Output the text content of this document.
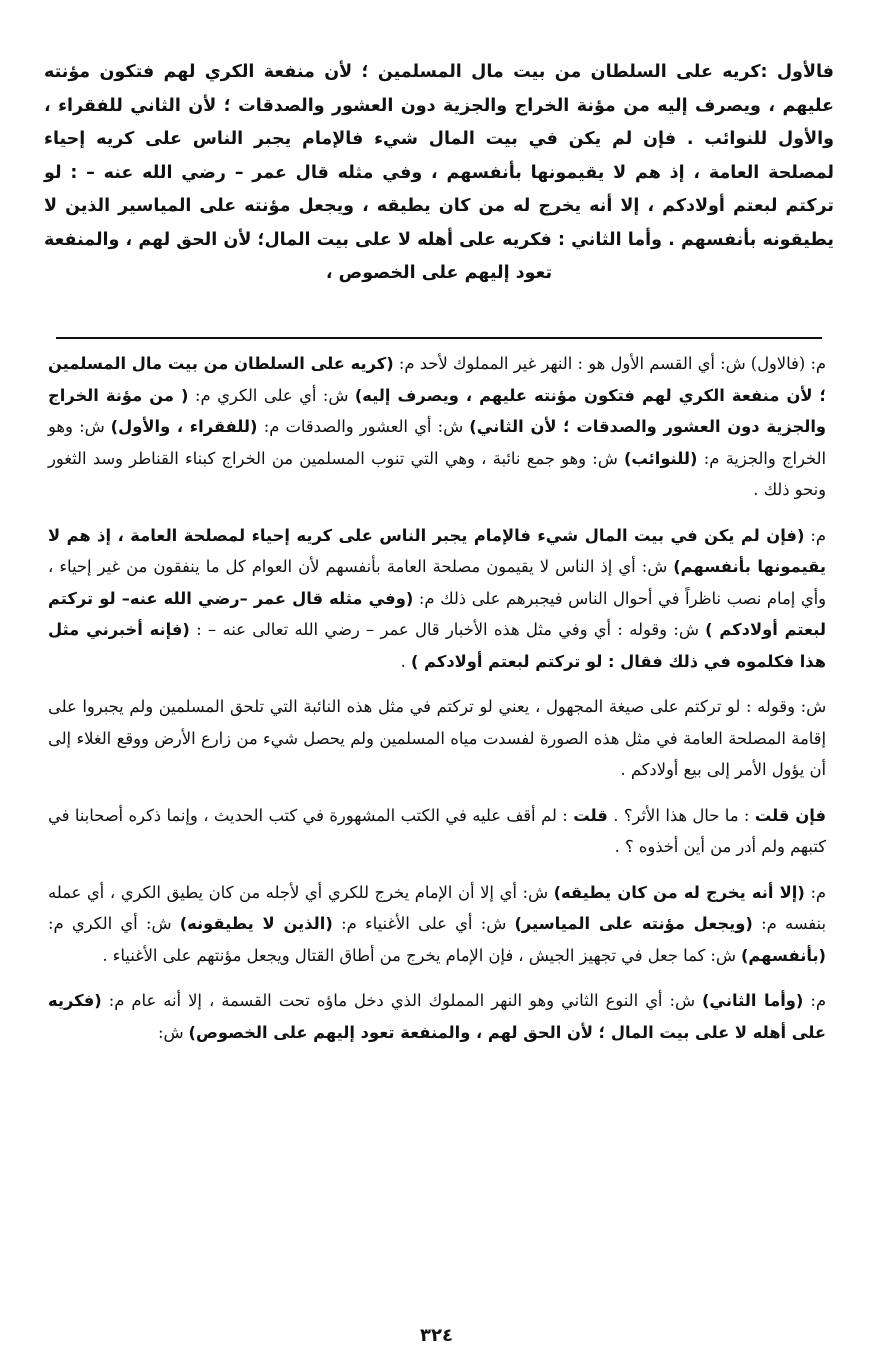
فالأول :كريه على السلطان من بيت مال المسلمين ؛ لأن منفعة الكري لهم فتكون مؤنته عليهم ، ويصرف إليه من مؤنة الخراج والجزية دون العشور والصدقات ؛ لأن الثاني للفقراء ، والأول للنوائب . فإن لم يكن في بيت المال شيء فالإمام يجبر الناس على كريه إحياء لمصلحة العامة ، إذ هم لا يقيمونها بأنفسهم ، وفي مثله قال عمر – رضي الله عنه – : لو تركتم لبعتم أولادكم ، إلا أنه يخرج له من كان يطيقه ، ويجعل مؤنته على المياسير الذين لا يطيقونه بأنفسهم . وأما الثاني : فكريه على أهله لا على بيت المال؛ لأن الحق لهم ، والمنفعة تعود إليهم على الخصوص ،

م: (فالاول) ش: أي القسم الأول هو : النهر غير المملوك لأحد م: (كريه على السلطان من بيت مال المسلمين ؛ لأن منفعة الكري لهم فتكون مؤنته عليهم ، ويصرف إليه) ش: أي على الكري م: ( من مؤنة الخراج والجزية دون العشور والصدقات ؛ لأن الثاني) ش: أي العشور والصدقات م: (للفقراء ، والأول) ش: وهو الخراج والجزية م: (للنوائب) ش: وهو جمع نائبة ، وهي التي تنوب المسلمين من الخراج كبناء القناطر وسد الثغور ونحو ذلك .

م: (فإن لم يكن في بيت المال شيء فالإمام يجبر الناس على كريه إحياء لمصلحة العامة ، إذ هم لا يقيمونها بأنفسهم) ش: أي إذ الناس لا يقيمون مصلحة العامة بأنفسهم لأن العوام كل ما ينفقون من غير إحياء ، وأي إمام نصب ناظراً في أحوال الناس فيجبرهم على ذلك م: (وفي مثله قال عمر –رضي الله عنه– لو تركتم لبعتم أولادكم ) ش: وقوله : أي وفي مثل هذه الأخبار قال عمر – رضي الله تعالى عنه – : (فإنه أخبرني مثل هذا فكلموه في ذلك فقال : لو تركتم لبعتم أولادكم ) .

ش: وقوله : لو تركتم على صيغة المجهول ، يعني لو تركتم في مثل هذه النائبة التي تلحق المسلمين ولم يجبروا على إقامة المصلحة العامة في مثل هذه الصورة لفسدت مياه المسلمين ولم يحصل شيء من زارع الأرض ووقع الغلاء إلى أن يؤول الأمر إلى بيع أولادكم .

فإن قلت : ما حال هذا الأثر؟ . قلت : لم أقف عليه في الكتب المشهورة في كتب الحديث ، وإنما ذكره أصحابنا في كتبهم ولم أدر من أين أخذوه ؟ .

م: (إلا أنه يخرج له من كان يطيقه) ش: أي إلا أن الإمام يخرج للكري أي لأجله من كان يطيق الكري ، أي عمله بنفسه م: (ويجعل مؤنته على المياسير) ش: أي على الأغنياء م: (الذين لا يطيقونه) ش: أي الكري م: (بأنفسهم) ش: كما جعل في تجهيز الجيش ، فإن الإمام يخرج من أطاق القتال ويجعل مؤنتهم على الأغنياء .

م: (وأما الثاني) ش: أي النوع الثاني وهو النهر المملوك الذي دخل ماؤه تحت القسمة ، إلا أنه عام م: (فكريه على أهله لا على بيت المال ؛ لأن الحق لهم ، والمنفعة تعود إليهم على الخصوص) ش:

٣٢٤
